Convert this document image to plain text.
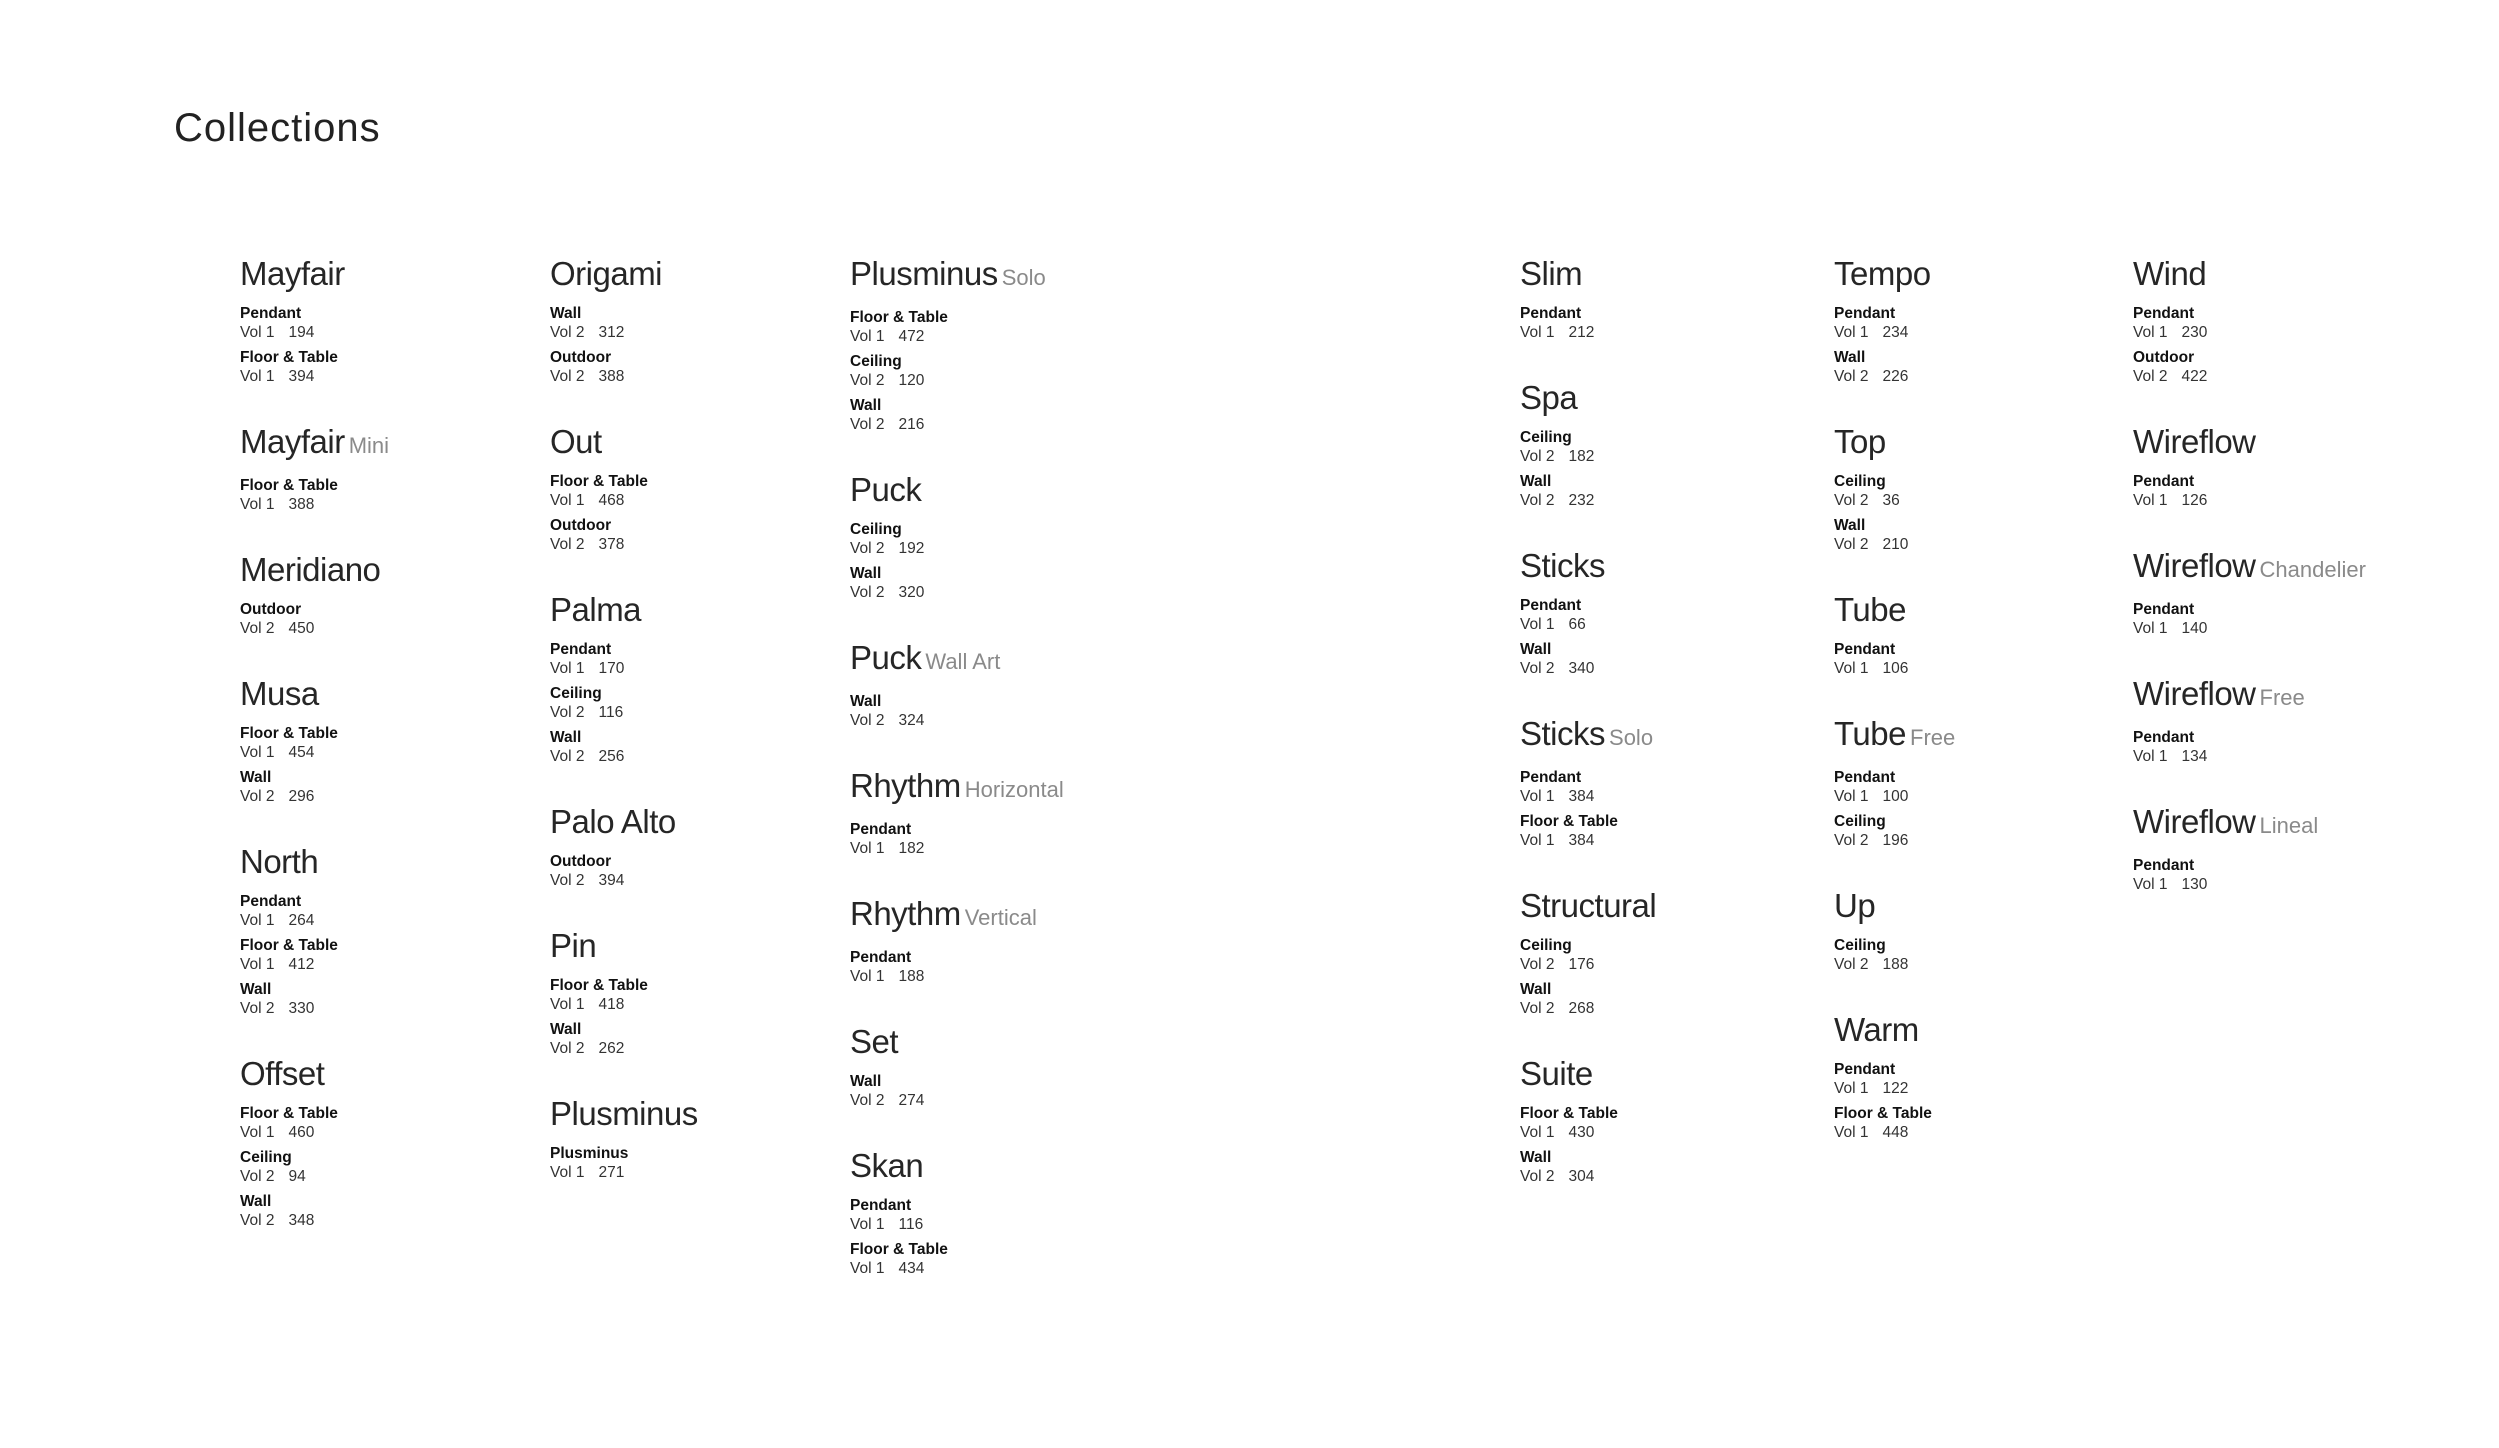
Collections
Mayfair
Pendant
Vol 1 194
Floor & Table
Vol 1 394
Mayfair Mini
Floor & Table
Vol 1 388
Meridiano
Outdoor
Vol 2 450
Musa
Floor & Table
Vol 1 454
Wall
Vol 2 296
North
Pendant
Vol 1 264
Floor & Table
Vol 1 412
Wall
Vol 2 330
Offset
Floor & Table
Vol 1 460
Ceiling
Vol 2 94
Wall
Vol 2 348
Origami
Wall
Vol 2 312
Outdoor
Vol 2 388
Out
Floor & Table
Vol 1 468
Outdoor
Vol 2 378
Palma
Pendant
Vol 1 170
Ceiling
Vol 2 116
Wall
Vol 2 256
Palo Alto
Outdoor
Vol 2 394
Pin
Floor & Table
Vol 1 418
Wall
Vol 2 262
Plusminus
Plusminus
Vol 1 271
Plusminus Solo
Floor & Table
Vol 1 472
Ceiling
Vol 2 120
Wall
Vol 2 216
Puck
Ceiling
Vol 2 192
Wall
Vol 2 320
Puck Wall Art
Wall
Vol 2 324
Rhythm Horizontal
Pendant
Vol 1 182
Rhythm Vertical
Pendant
Vol 1 188
Set
Wall
Vol 2 274
Skan
Pendant
Vol 1 116
Floor & Table
Vol 1 434
Slim
Pendant
Vol 1 212
Spa
Ceiling
Vol 2 182
Wall
Vol 2 232
Sticks
Pendant
Vol 1 66
Wall
Vol 2 340
Sticks Solo
Pendant
Vol 1 384
Floor & Table
Vol 1 384
Structural
Ceiling
Vol 2 176
Wall
Vol 2 268
Suite
Floor & Table
Vol 1 430
Wall
Vol 2 304
Tempo
Pendant
Vol 1 234
Wall
Vol 2 226
Top
Ceiling
Vol 2 36
Wall
Vol 2 210
Tube
Pendant
Vol 1 106
Tube Free
Pendant
Vol 1 100
Ceiling
Vol 2 196
Up
Ceiling
Vol 2 188
Warm
Pendant
Vol 1 122
Floor & Table
Vol 1 448
Wind
Pendant
Vol 1 230
Outdoor
Vol 2 422
Wireflow
Pendant
Vol 1 126
Wireflow Chandelier
Pendant
Vol 1 140
Wireflow Free
Pendant
Vol 1 134
Wireflow Lineal
Pendant
Vol 1 130
